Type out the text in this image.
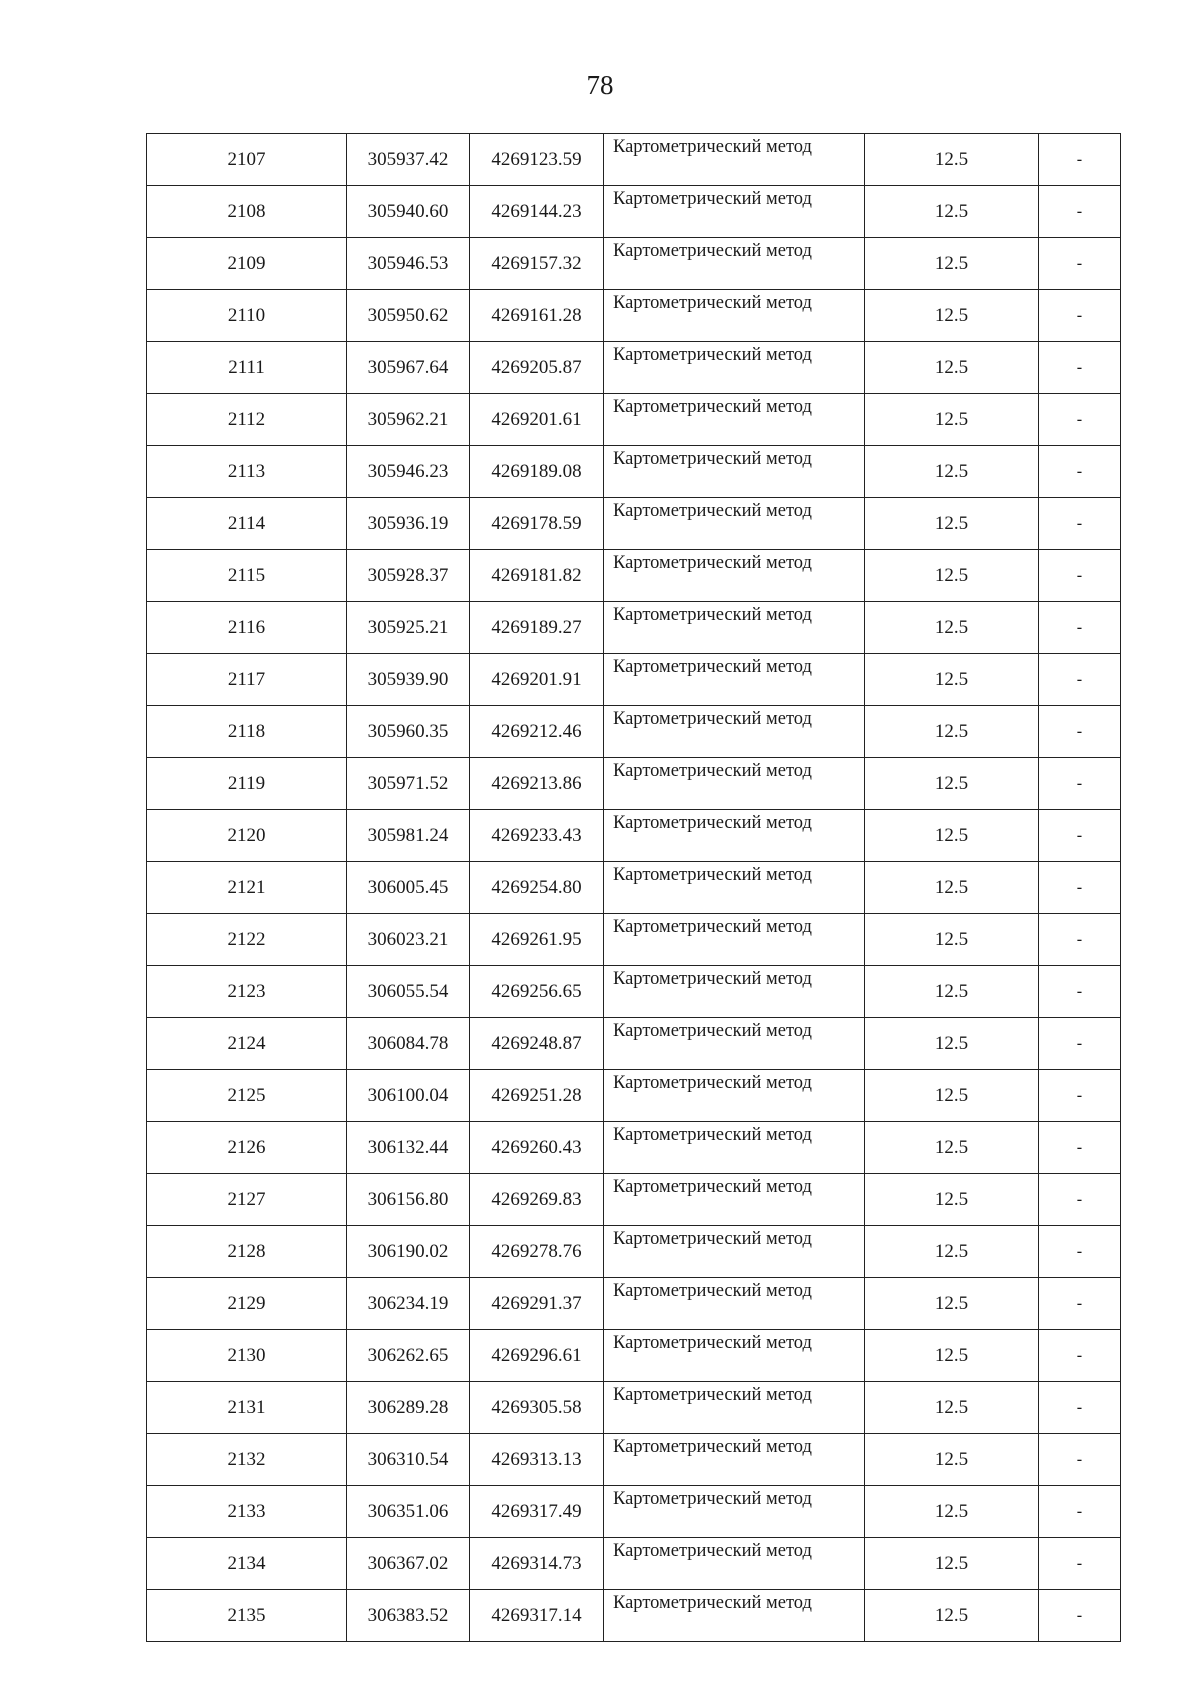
78
2107	305937.42	4269123.59	Картометрический метод	12.5	-
2108	305940.60	4269144.23	Картометрический метод	12.5	-
2109	305946.53	4269157.32	Картометрический метод	12.5	-
2110	305950.62	4269161.28	Картометрический метод	12.5	-
2111	305967.64	4269205.87	Картометрический метод	12.5	-
2112	305962.21	4269201.61	Картометрический метод	12.5	-
2113	305946.23	4269189.08	Картометрический метод	12.5	-
2114	305936.19	4269178.59	Картометрический метод	12.5	-
2115	305928.37	4269181.82	Картометрический метод	12.5	-
2116	305925.21	4269189.27	Картометрический метод	12.5	-
2117	305939.90	4269201.91	Картометрический метод	12.5	-
2118	305960.35	4269212.46	Картометрический метод	12.5	-
2119	305971.52	4269213.86	Картометрический метод	12.5	-
2120	305981.24	4269233.43	Картометрический метод	12.5	-
2121	306005.45	4269254.80	Картометрический метод	12.5	-
2122	306023.21	4269261.95	Картометрический метод	12.5	-
2123	306055.54	4269256.65	Картометрический метод	12.5	-
2124	306084.78	4269248.87	Картометрический метод	12.5	-
2125	306100.04	4269251.28	Картометрический метод	12.5	-
2126	306132.44	4269260.43	Картометрический метод	12.5	-
2127	306156.80	4269269.83	Картометрический метод	12.5	-
2128	306190.02	4269278.76	Картометрический метод	12.5	-
2129	306234.19	4269291.37	Картометрический метод	12.5	-
2130	306262.65	4269296.61	Картометрический метод	12.5	-
2131	306289.28	4269305.58	Картометрический метод	12.5	-
2132	306310.54	4269313.13	Картометрический метод	12.5	-
2133	306351.06	4269317.49	Картометрический метод	12.5	-
2134	306367.02	4269314.73	Картометрический метод	12.5	-
2135	306383.52	4269317.14	Картометрический метод	12.5	-
